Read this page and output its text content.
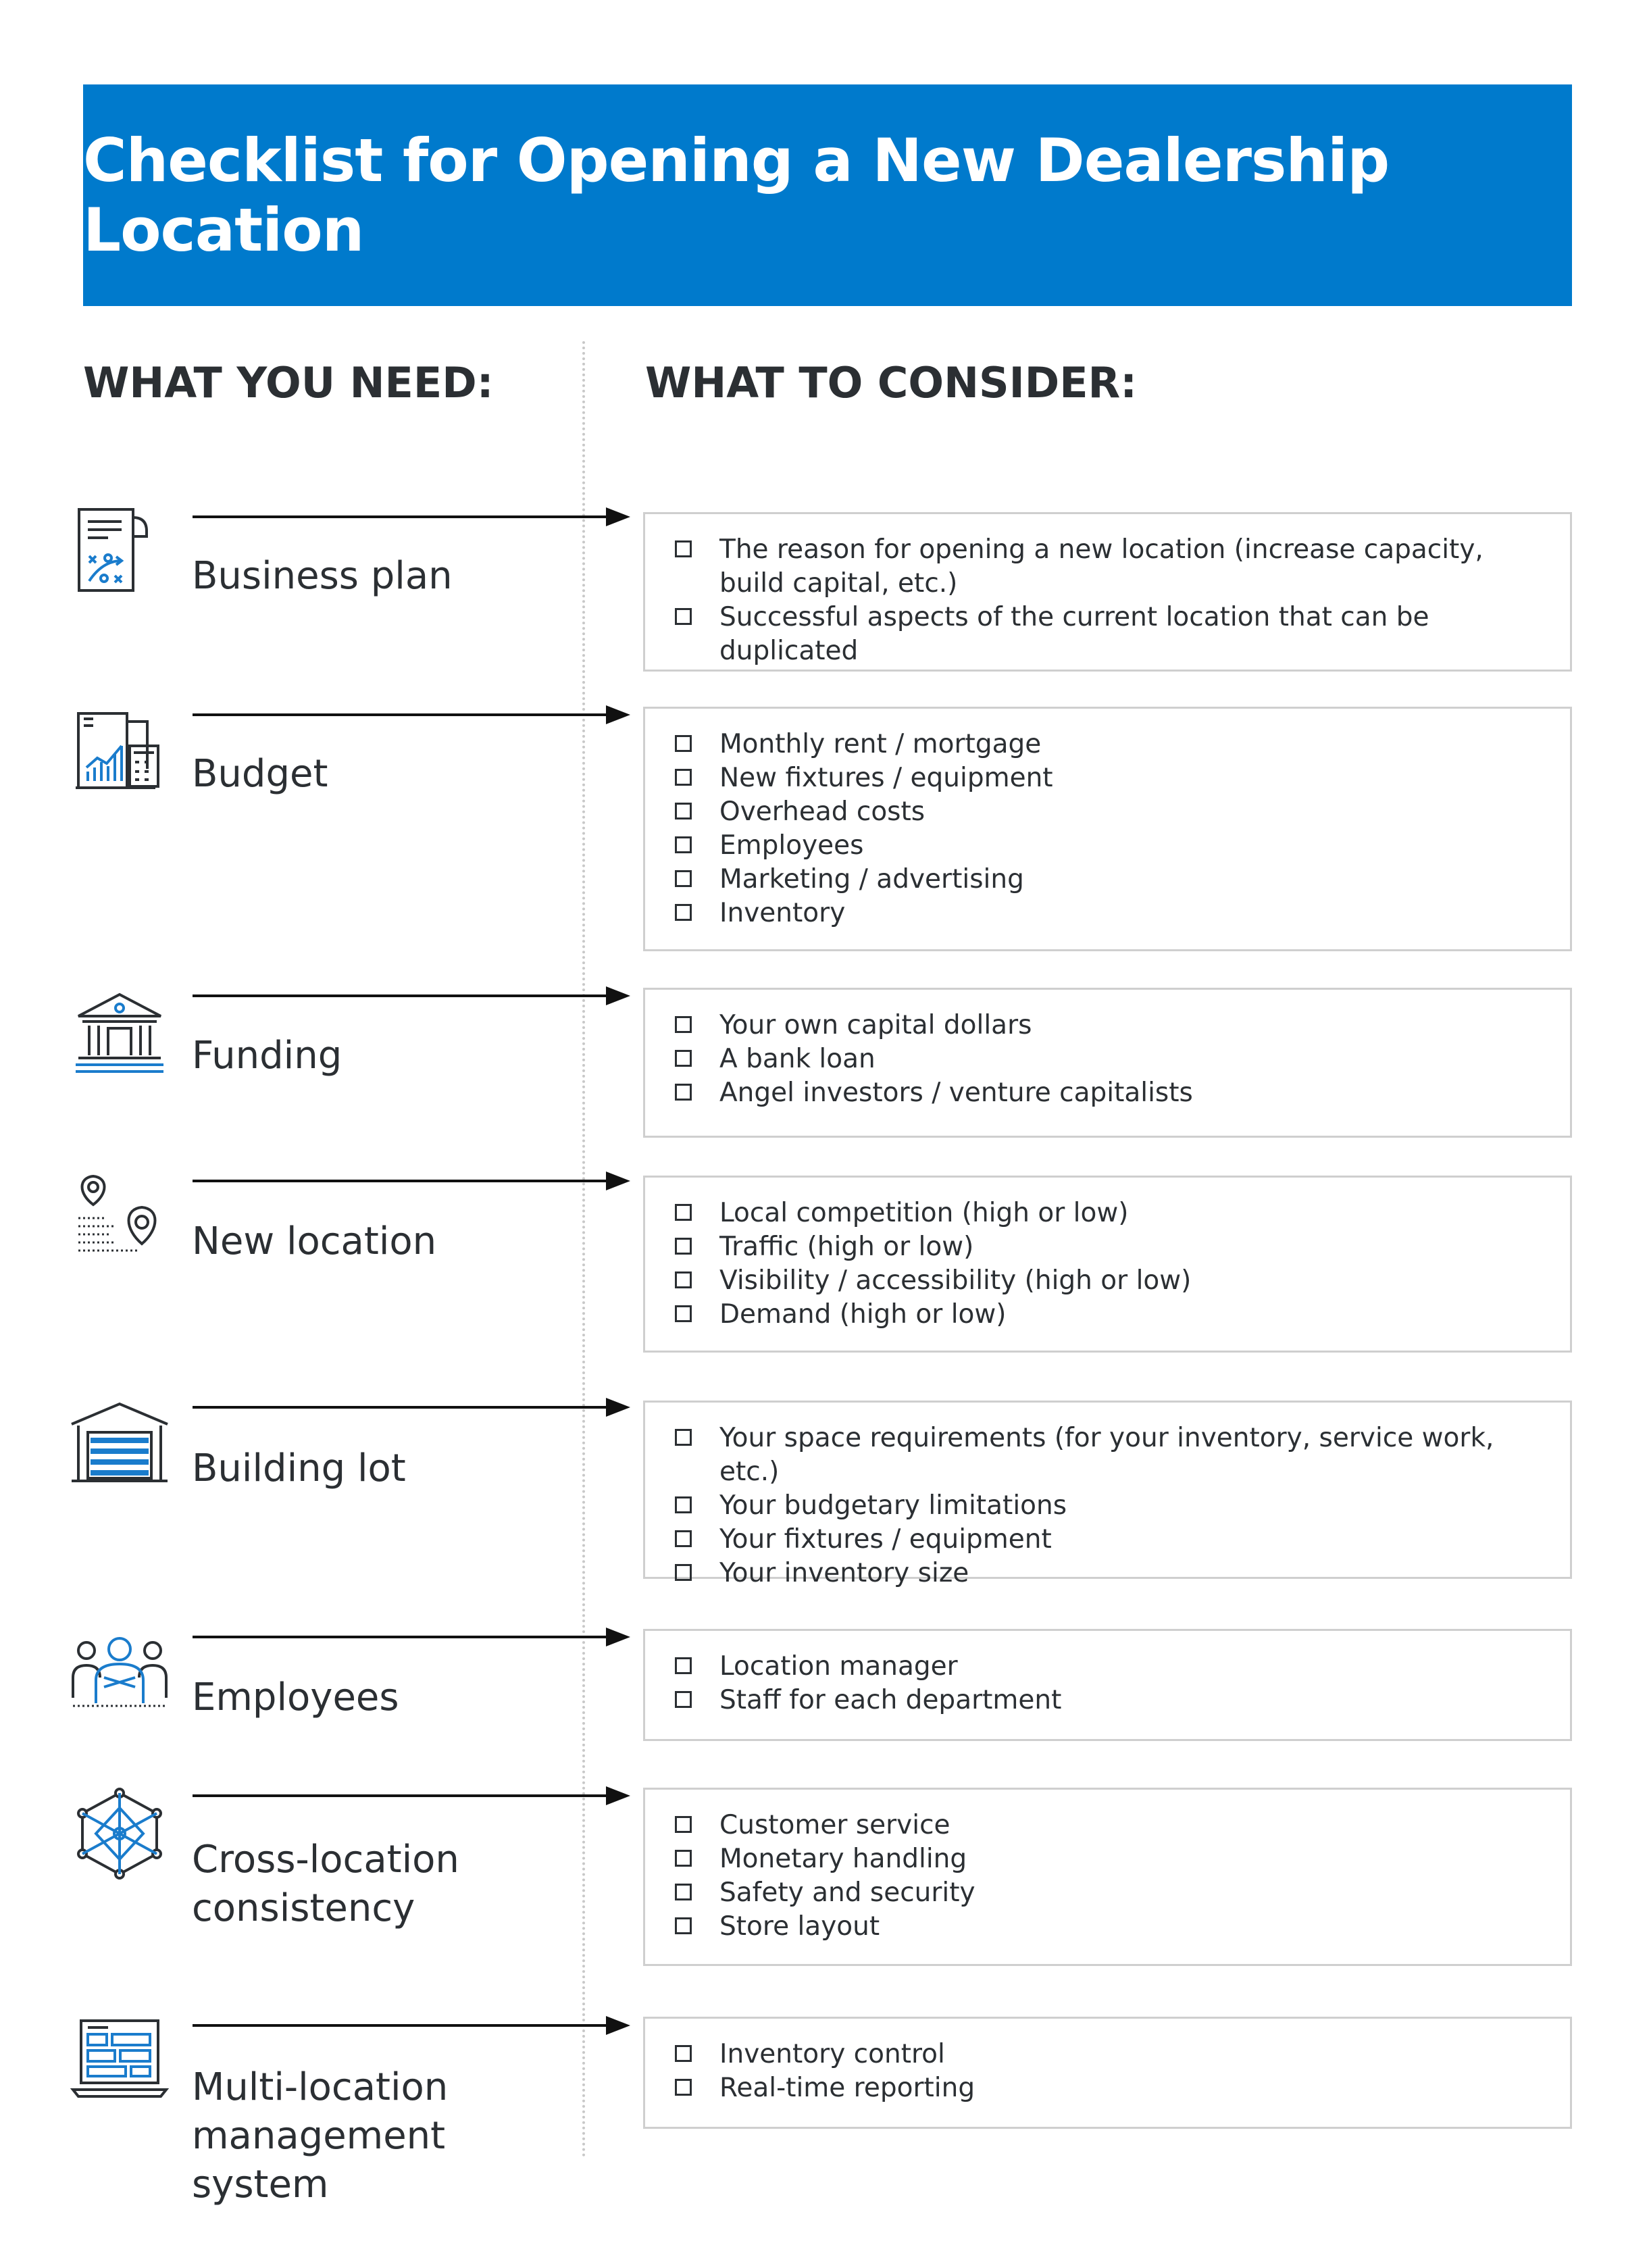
Checklist for Opening a New Dealership Location
WHAT YOU NEED:	WHAT TO CONSIDER:
Business plan
The reason for opening a new location (increase capacity, build capital, etc.)
Successful aspects of the current location that can be duplicated
Budget
Monthly rent / mortgage
New fixtures / equipment
Overhead costs
Employees
Marketing / advertising
Inventory
Funding
Your own capital dollars
A bank loan
Angel investors / venture capitalists
New location
Local competition (high or low)
Traffic (high or low)
Visibility / accessibility (high or low)
Demand (high or low)
Building lot
Your space requirements (for your inventory, service work, etc.)
Your budgetary limitations
Your fixtures / equipment
Your inventory size
Employees
Location manager
Staff for each department
Cross-location consistency
Customer service
Monetary handling
Safety and security
Store layout
Multi-location management system
Inventory control
Real-time reporting
